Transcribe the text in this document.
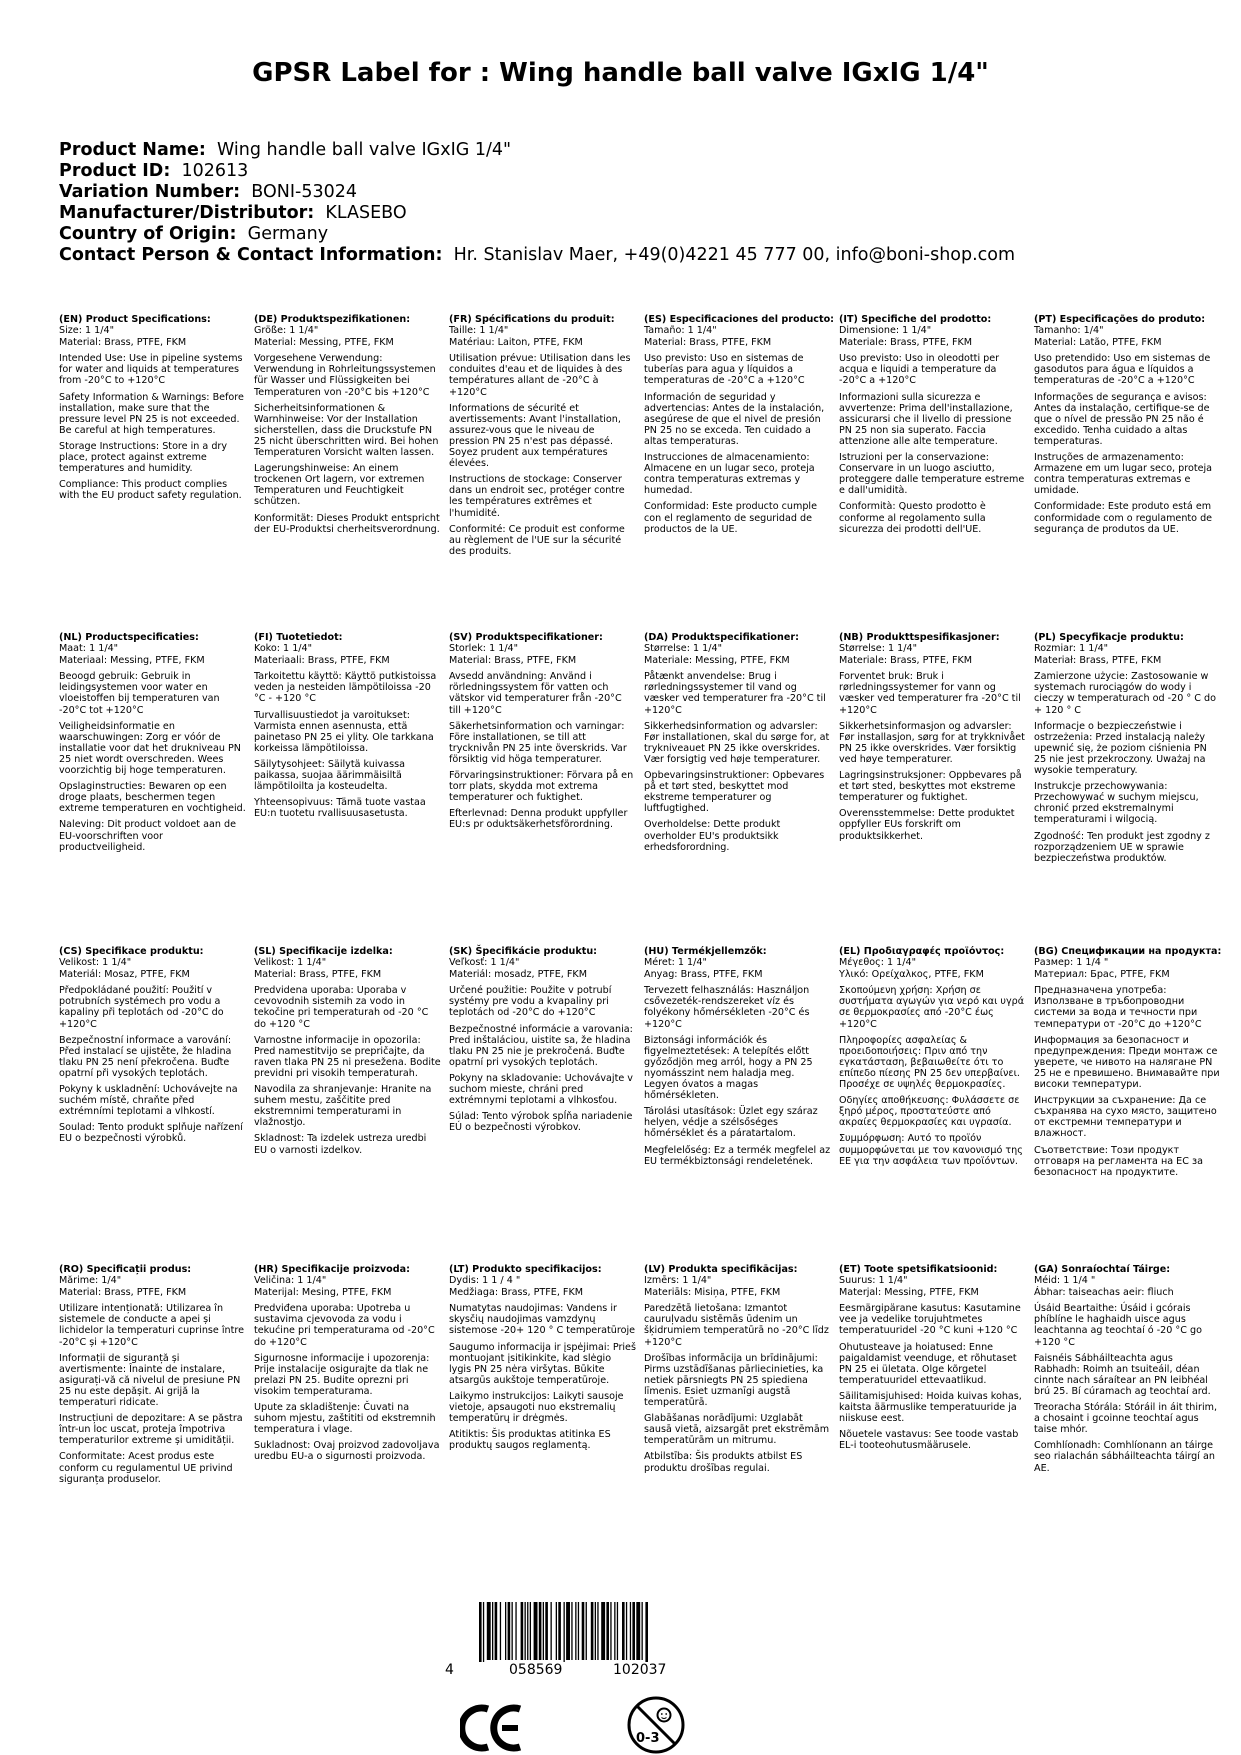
GPSR Label for : Wing handle ball valve IGxIG 1/4"
Product Name: Wing handle ball valve IGxIG 1/4"
Product ID: 102613
Variation Number: BONI-53024
Manufacturer/Distributor: KLASEBO
Country of Origin: Germany
Contact Person & Contact Information: Hr. Stanislav Maer, +49(0)4221 45 777 00, info@boni-shop.com
(EN) Product Specifications:
Size: 1 1/4"
Material: Brass, PTFE, FKM
Intended Use: Use in pipeline systems for water and liquids at temperatures from -20°C to +120°C
Safety Information & Warnings: Before installation, make sure that the pressure level PN 25 is not exceeded. Be careful at high temperatures.
Storage Instructions: Store in a dry place, protect against extreme temperatures and humidity.
Compliance: This product complies with the EU product safety regulation.
(DE) Produktspezifikationen:
Größe: 1 1/4"
Material: Messing, PTFE, FKM
Vorgesehene Verwendung: Verwendung in Rohrleitungssystemen für Wasser und Flüssigkeiten bei Temperaturen von -20°C bis +120°C
Sicherheitsinformationen & Warnhinweise: Vor der Installation sicherstellen, dass die Druckstufe PN 25 nicht überschritten wird. Bei hohen Temperaturen Vorsicht walten lassen.
Lagerungshinweise: An einem trockenen Ort lagern, vor extremen Temperaturen und Feuchtigkeit schützen.
Konformität: Dieses Produkt entspricht der EU-Produktsi cherheitsverordnung.
(FR) Spécifications du produit:
Taille: 1 1/4"
Matériau: Laiton, PTFE, FKM
Utilisation prévue: Utilisation dans les conduites d'eau et de liquides à des températures allant de -20°C à +120°C
Informations de sécurité et avertissements: Avant l'installation, assurez-vous que le niveau de pression PN 25 n'est pas dépassé. Soyez prudent aux températures élevées.
Instructions de stockage: Conserver dans un endroit sec, protéger contre les températures extrêmes et l'humidité.
Conformité: Ce produit est conforme au règlement de l'UE sur la sécurité des produits.
(ES) Especificaciones del producto:
Tamaño: 1 1/4"
Material: Brass, PTFE, FKM
Uso previsto: Uso en sistemas de tuberías para agua y líquidos a temperaturas de -20°C a +120°C
Información de seguridad y advertencias: Antes de la instalación, asegúrese de que el nivel de presión PN 25 no se exceda. Ten cuidado a altas temperaturas.
Instrucciones de almacenamiento: Almacene en un lugar seco, proteja contra temperaturas extremas y humedad.
Conformidad: Este producto cumple con el reglamento de seguridad de productos de la UE.
(IT) Specifiche del prodotto:
Dimensione: 1 1/4"
Materiale: Brass, PTFE, FKM
Uso previsto: Uso in oleodotti per acqua e liquidi a temperature da -20°C a +120°C
Informazioni sulla sicurezza e avvertenze: Prima dell'installazione, assicurarsi che il livello di pressione PN 25 non sia superato. Faccia attenzione alle alte temperature.
Istruzioni per la conservazione: Conservare in un luogo asciutto, proteggere dalle temperature estreme e dall'umidità.
Conformità: Questo prodotto è conforme al regolamento sulla sicurezza dei prodotti dell'UE.
(PT) Especificações do produto:
Tamanho: 1/4"
Material: Latão, PTFE, FKM
Uso pretendido: Uso em sistemas de gasodutos para água e líquidos a temperaturas de -20°C a +120°C
Informações de segurança e avisos: Antes da instalação, certifique-se de que o nível de pressão PN 25 não é excedido. Tenha cuidado a altas temperaturas.
Instruções de armazenamento: Armazene em um lugar seco, proteja contra temperaturas extremas e umidade.
Conformidade: Este produto está em conformidade com o regulamento de segurança de produtos da UE.
(NL) Productspecificaties:
Maat: 1 1/4"
Materiaal: Messing, PTFE, FKM
Beoogd gebruik: Gebruik in leidingsystemen voor water en vloeistoffen bij temperaturen van -20°C tot +120°C
Veiligheidsinformatie en waarschuwingen: Zorg er vóór de installatie voor dat het drukniveau PN 25 niet wordt overschreden. Wees voorzichtig bij hoge temperaturen.
Opslaginstructies: Bewaren op een droge plaats, beschermen tegen extreme temperaturen en vochtigheid.
Naleving: Dit product voldoet aan de EU-voorschriften voor productveiligheid.
(FI) Tuotetiedot:
Koko: 1 1/4"
Materiaali: Brass, PTFE, FKM
Tarkoitettu käyttö: Käyttö putkistoissa veden ja nesteiden lämpötiloissa -20 °C - +120 °C
Turvallisuustiedot ja varoitukset: Varmista ennen asennusta, että painetaso PN 25 ei ylity. Ole tarkkana korkeissa lämpötiloissa.
Säilytysohjeet: Säilytä kuivassa paikassa, suojaa äärimmäisiltä lämpötiloilta ja kosteudelta.
Yhteensopivuus: Tämä tuote vastaa EU:n tuotetu rvallisuusasetusta.
(SV) Produktspecifikationer:
Storlek: 1 1/4"
Material: Brass, PTFE, FKM
Avsedd användning: Använd i rörledningssystem för vatten och vätskor vid temperaturer från -20°C till +120°C
Säkerhetsinformation och varningar: Före installationen, se till att trycknivån PN 25 inte överskrids. Var försiktig vid höga temperaturer.
Förvaringsinstruktioner: Förvara på en torr plats, skydda mot extrema temperaturer och fuktighet.
Efterlevnad: Denna produkt uppfyller EU:s pr oduktsäkerhetsförordning.
(DA) Produktspecifikationer:
Størrelse: 1 1/4"
Materiale: Messing, PTFE, FKM
Påtænkt anvendelse: Brug i rørledningssystemer til vand og væsker ved temperaturer fra -20°C til +120°C
Sikkerhedsinformation og advarsler: Før installationen, skal du sørge for, at trykniveauet PN 25 ikke overskrides. Vær forsigtig ved høje temperaturer.
Opbevaringsinstruktioner: Opbevares på et tørt sted, beskyttet mod ekstreme temperaturer og luftfugtighed.
Overholdelse: Dette produkt overholder EU's produktsikk erhedsforordning.
(NB) Produkttspesifikasjoner:
Størrelse: 1 1/4"
Materiale: Brass, PTFE, FKM
Forventet bruk: Bruk i rørledningssystemer for vann og væsker ved temperaturer fra -20°C til +120°C
Sikkerhetsinformasjon og advarsler: Før installasjon, sørg for at trykknivået PN 25 ikke overskrides. Vær forsiktig ved høye temperaturer.
Lagringsinstruksjoner: Oppbevares på et tørt sted, beskyttes mot ekstreme temperaturer og fuktighet.
Overensstemmelse: Dette produktet oppfyller EUs forskrift om produktsikkerhet.
(PL) Specyfikacje produktu:
Rozmiar: 1 1/4"
Materiał: Brass, PTFE, FKM
Zamierzone użycie: Zastosowanie w systemach rurociągów do wody i cieczy w temperaturach od -20 ° C do + 120 ° C
Informacje o bezpieczeństwie i ostrzeżenia: Przed instalacją należy upewnić się, że poziom ciśnienia PN 25 nie jest przekroczony. Uważaj na wysokie temperatury.
Instrukcje przechowywania: Przechowywać w suchym miejscu, chronić przed ekstremalnymi temperaturami i wilgocią.
Zgodność: Ten produkt jest zgodny z rozporządzeniem UE w sprawie bezpieczeństwa produktów.
(CS) Specifikace produktu:
Velikost: 1 1/4"
Materiál: Mosaz, PTFE, FKM
Předpokládané použití: Použití v potrubních systémech pro vodu a kapaliny při teplotách od -20°C do +120°C
Bezpečnostní informace a varování: Před instalací se ujistěte, že hladina tlaku PN 25 není překročena. Buďte opatrní při vysokých teplotách.
Pokyny k uskladnění: Uchovávejte na suchém místě, chraňte před extrémními teplotami a vlhkostí.
Soulad: Tento produkt splňuje nařízení EU o bezpečnosti výrobků.
(SL) Specifikacije izdelka:
Velikost: 1 1/4"
Material: Brass, PTFE, FKM
Predvidena uporaba: Uporaba v cevovodnih sistemih za vodo in tekočine pri temperaturah od -20 °C do +120 °C
Varnostne informacije in opozorila: Pred namestitvijo se prepričajte, da raven tlaka PN 25 ni presežena. Bodite previdni pri visokih temperaturah.
Navodila za shranjevanje: Hranite na suhem mestu, zaščitite pred ekstremnimi temperaturami in vlažnostjo.
Skladnost: Ta izdelek ustreza uredbi EU o varnosti izdelkov.
(SK) Špecifikácie produktu:
Veľkosť: 1 1/4"
Materiál: mosadz, PTFE, FKM
Určené použitie: Použite v potrubí systémy pre vodu a kvapaliny pri teplotách od -20°C do +120°C
Bezpečnostné informácie a varovania: Pred inštaláciou, uistite sa, že hladina tlaku PN 25 nie je prekročená. Buďte opatrní pri vysokých teplotách.
Pokyny na skladovanie: Uchovávajte v suchom mieste, chráni pred extrémnymi teplotami a vlhkosťou.
Súlad: Tento výrobok spĺňa nariadenie EÚ o bezpečnosti výrobkov.
(HU) Termékjellemzők:
Méret: 1 1/4"
Anyag: Brass, PTFE, FKM
Tervezett felhasználás: Használjon csővezeték-rendszereket víz és folyékony hőmérsékleten -20°C és +120°C
Biztonsági információk és figyelmeztetések: A telepítés előtt győződjön meg arról, hogy a PN 25 nyomásszint nem haladja meg. Legyen óvatos a magas hőmérsékleten.
Tárolási utasítások: Üzlet egy száraz helyen, védje a szélsőséges hőmérséklet és a páratartalom.
Megfelelőség: Ez a termék megfelel az EU termékbiztonsági rendeletének.
(EL) Προδιαγραφές προϊόντος:
Μέγεθος: 1 1/4"
Υλικό: Ορείχαλκος, PTFE, FKM
Σκοπούμενη χρήση: Χρήση σε συστήματα αγωγών για νερό και υγρά σε θερμοκρασίες από -20°C έως +120°C
Πληροφορίες ασφαλείας & προειδοποιήσεις: Πριν από την εγκατάσταση, βεβαιωθείτε ότι το επίπεδο πίεσης PN 25 δεν υπερβαίνει. Προσέχε σε υψηλές θερμοκρασίες.
Οδηγίες αποθήκευσης: Φυλάσσετε σε ξηρό μέρος, προστατεύστε από ακραίες θερμοκρασίες και υγρασία.
Συμμόρφωση: Αυτό το προϊόν συμμορφώνεται με τον κανονισμό της ΕΕ για την ασφάλεια των προϊόντων.
(BG) Спецификации на продукта:
Размер: 1 1/4 "
Материал: Брас, PTFE, FKM
Предназначена употреба: Използване в тръбопроводни системи за вода и течности при температури от -20°C до +120°C
Информация за безопасност и предупреждения: Преди монтаж се уверете, че нивото на налягане PN 25 не е превишено. Внимавайте при високи температури.
Инструкции за съхранение: Да се съхранява на сухо място, защитено от екстремни температури и влажност.
Съответствие: Този продукт отговаря на регламента на ЕС за безопасност на продуктите.
(RO) Specificații produs:
Mărime: 1/4"
Material: Brass, PTFE, FKM
Utilizare intenționată: Utilizarea în sistemele de conducte a apei și lichidelor la temperaturi cuprinse între -20°C și +120°C
Informații de siguranță și avertismente: Înainte de instalare, asigurați-vă că nivelul de presiune PN 25 nu este depășit. Ai grijă la temperaturi ridicate.
Instrucțiuni de depozitare: A se păstra într-un loc uscat, proteja împotriva temperaturilor extreme și umidității.
Conformitate: Acest produs este conform cu regulamentul UE privind siguranța produselor.
(HR) Specifikacije proizvoda:
Veličina: 1 1/4"
Materijal: Mesing, PTFE, FKM
Predviđena uporaba: Upotreba u sustavima cjevovoda za vodu i tekućine pri temperaturama od -20°C do +120°C
Sigurnosne informacije i upozorenja: Prije instalacije osigurajte da tlak ne prelazi PN 25. Budite oprezni pri visokim temperaturama.
Upute za skladištenje: Čuvati na suhom mjestu, zaštititi od ekstremnih temperatura i vlage.
Sukladnost: Ovaj proizvod zadovoljava uredbu EU-a o sigurnosti proizvoda.
(LT) Produkto specifikacijos:
Dydis: 1 1 / 4 "
Medžiaga: Brass, PTFE, FKM
Numatytas naudojimas: Vandens ir skysčių naudojimas vamzdynų sistemose -20+ 120 ° C temperatūroje
Saugumo informacija ir įspėjimai: Prieš montuojant įsitikinkite, kad slėgio lygis PN 25 nėra viršytas. Būkite atsargūs aukštoje temperatūroje.
Laikymo instrukcijos: Laikyti sausoje vietoje, apsaugoti nuo ekstremalių temperatūrų ir drėgmės.
Atitiktis: Šis produktas atitinka ES produktų saugos reglamentą.
(LV) Produkta specifikācijas:
Izmērs: 1 1/4"
Materiāls: Misiņa, PTFE, FKM
Paredzētā lietošana: Izmantot cauruļvadu sistēmās ūdenim un šķidrumiem temperatūrā no -20°C līdz +120°C
Drošības informācija un brīdinājumi: Pirms uzstādīšanas pārliecinieties, ka netiek pārsniegts PN 25 spiediena līmenis. Esiet uzmanīgi augstā temperatūrā.
Glabāšanas norādījumi: Uzglabāt sausā vietā, aizsargāt pret ekstrēmām temperatūrām un mitrumu.
Atbilstība: Šis produkts atbilst ES produktu drošības regulai.
(ET) Toote spetsifikatsioonid:
Suurus: 1 1/4"
Materjal: Messing, PTFE, FKM
Eesmärgipärane kasutus: Kasutamine vee ja vedelike torujuhtmetes temperatuuridel -20 °C kuni +120 °C
Ohutusteave ja hoiatused: Enne paigaldamist veenduge, et rõhutaset PN 25 ei ületata. Olge kõrgetel temperatuuridel ettevaatlikud.
Säilitamisjuhised: Hoida kuivas kohas, kaitsta äärmuslike temperatuuride ja niiskuse eest.
Nõuetele vastavus: See toode vastab EL-i tooteohutusmäärusele.
(GA) Sonraíochtaí Táirge:
Méid: 1 1/4 "
Ábhar: taiseachas aeir: fliuch
Úsáid Beartaithe: Úsáid i gcórais phíblíne le haghaidh uisce agus leachtanna ag teochtaí ó -20 °C go +120 °C
Faisnéis Sábháilteachta agus Rabhadh: Roimh an tsuiteáil, déan cinnte nach sáraítear an PN leibhéal brú 25. Bí cúramach ag teochtaí ard.
Treoracha Stórála: Stóráil in áit thirim, a chosaint i gcoinne teochtaí agus taise mhór.
Comhlíonadh: Comhlíonann an táirge seo rialachán sábháilteachta táirgí an AE.
4	058569	102037
0-3
